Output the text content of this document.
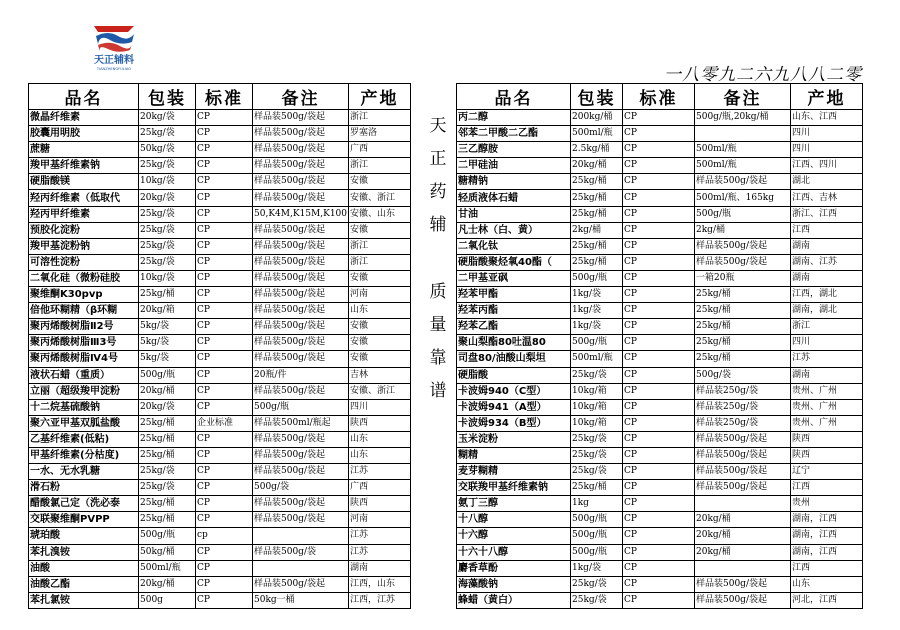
天正辅料
TIANZHENGFULIAO	一八零九二六九八八二零
品名	包装	标准	备注	产地
微晶纤维素	20kg/袋	CP	样品装500g/袋起	浙江
胶囊用明胶	25kg/袋	CP	样品装500g/袋起	罗塞洛
蔗糖	50kg/袋	CP	样品装500g/袋起	广西
羧甲基纤维素钠	25kg/袋	CP	样品装500g/袋起	浙江
硬脂酸镁	10kg/袋	CP	样品装500g/袋起	安徽
羟丙纤维素（低取代	20kg/袋	CP	样品装500g/袋起	安徽、浙江
羟丙甲纤维素	25kg/袋	CP	50,K4M,K15M,K100	安徽、山东
预胶化淀粉	25kg/袋	CP	样品装500g/袋起	安徽
羧甲基淀粉钠	25kg/袋	CP	样品装500g/袋起	浙江
可溶性淀粉	25kg/袋	CP	样品装500g/袋起	浙江
二氧化硅（微粉硅胶	10kg/袋	CP	样品装500g/袋起	安徽
聚维酮K30pvp	25kg/桶	CP	样品装500g/袋起	河南
倍他环糊精（β环糊	20kg/箱	CP	样品装500g/袋起	山东
聚丙烯酸树脂Ⅱ2号	5kg/袋	CP	样品装500g/袋起	安徽
聚丙烯酸树脂Ⅲ3号	5kg/袋	CP	样品装500g/袋起	安徽
聚丙烯酸树脂Ⅳ4号	5kg/袋	CP	样品装500g/袋起	安徽
液状石蜡（重质）	500g/瓶	CP	20瓶/件	吉林
立丽（超级羧甲淀粉	20kg/桶	CP	样品装500g/袋起	安徽、浙江
十二烷基硫酸钠	20kg/袋	CP	500g/瓶	四川
聚六亚甲基双胍盐酸	25kg/桶	企业标准	样品装500ml/瓶起	陕西
乙基纤维素(低粘)	25kg/桶	CP	样品装500g/袋起	山东
甲基纤维素(分枯度)	25kg/桶	CP	样品装500g/袋起	山东
一水、无水乳糖	25kg/袋	CP	样品装500g/袋起	江苏
滑石粉	25kg/袋	CP	500g/袋	广西
醋酸氯己定（洗必泰	25kg/桶	CP	样品装500g/袋起	陕西
交联聚维酮PVPP	25kg/桶	CP	样品装500g/袋起	河南
琥珀酸	500g/瓶	cp		江苏
苯扎溴铵	50kg/桶	CP	样品装500g/袋	江苏
油酸	500ml/瓶	CP		湖南
油酸乙酯	20kg/桶	CP	样品装500g/袋起	江西，山东
苯扎氯铵	500g	CP	50kg一桶	江西，江苏
天
正
药
辅
质
量
靠
谱
品名	包装	标准	备注	产地
丙二醇	200kg/桶	CP	500g/瓶,20kg/桶	山东、江西
邻苯二甲酸二乙酯	500ml/瓶	CP		四川
三乙醇胺	2.5kg/桶	CP	500ml/瓶	四川
二甲硅油	20kg/桶	CP	500ml/瓶	江西、四川
糖精钠	25kg/桶	CP	样品装500g/袋起	湖北
轻质液体石蜡	25kg/桶	CP	500ml/瓶、165kg	江西、吉林
甘油	25kg/桶	CP	500g/瓶	浙江、江西
凡士林（白、黄）	2kg/桶	CP	2kg/桶	江西
二氧化钛	25kg/桶	CP	样品装500g/袋起	湖南
硬脂酸聚烃氧40酯（	25kg/桶	CP	样品装500g/袋起	湖南、江苏
二甲基亚砜	500g/瓶	CP	一箱20瓶	湖南
羟苯甲酯	1kg/袋	CP	25kg/桶	江西，湖北
羟苯丙酯	1kg/袋	CP	25kg/桶	湖南，湖北
羟苯乙酯	1kg/袋	CP	25kg/桶	浙江
聚山梨酯80吐温80	500g/瓶	CP	25kg/桶	四川
司盘80/油酸山梨坦	500ml/瓶	CP	25kg/桶	江苏
硬脂酸	25kg/袋	CP	500g/袋	湖南
卡波姆940（C型）	10kg/箱	CP	样品装250g/袋	贵州、广州
卡波姆941（A型）	10kg/箱	CP	样品装250g/袋	贵州、广州
卡波姆934（B型）	10kg/箱	CP	样品装250g/袋	贵州、广州
玉米淀粉	25kg/袋	CP	样品装500g/袋起	陕西
糊精	25kg/袋	CP	样品装500g/袋起	陕西
麦芽糊精	25kg/袋	CP	样品装500g/袋起	辽宁
交联羧甲基纤维素钠	25kg/桶	CP	样品装500g/袋起	江西
氨丁三醇	1kg	CP		贵州
十八醇	500g/瓶	CP	20kg/桶	湖南，江西
十六醇	500g/瓶	CP	20kg/桶	湖南，江西
十六十八醇	500g/瓶	CP	20kg/桶	湖南，江西
麝香草酚	1kg/袋	CP		江西
海藻酸钠	25kg/袋	CP	样品装500g/袋起	山东
蜂蜡（黄白）	25kg/袋	CP	样品装500g/袋起	河北，江西
